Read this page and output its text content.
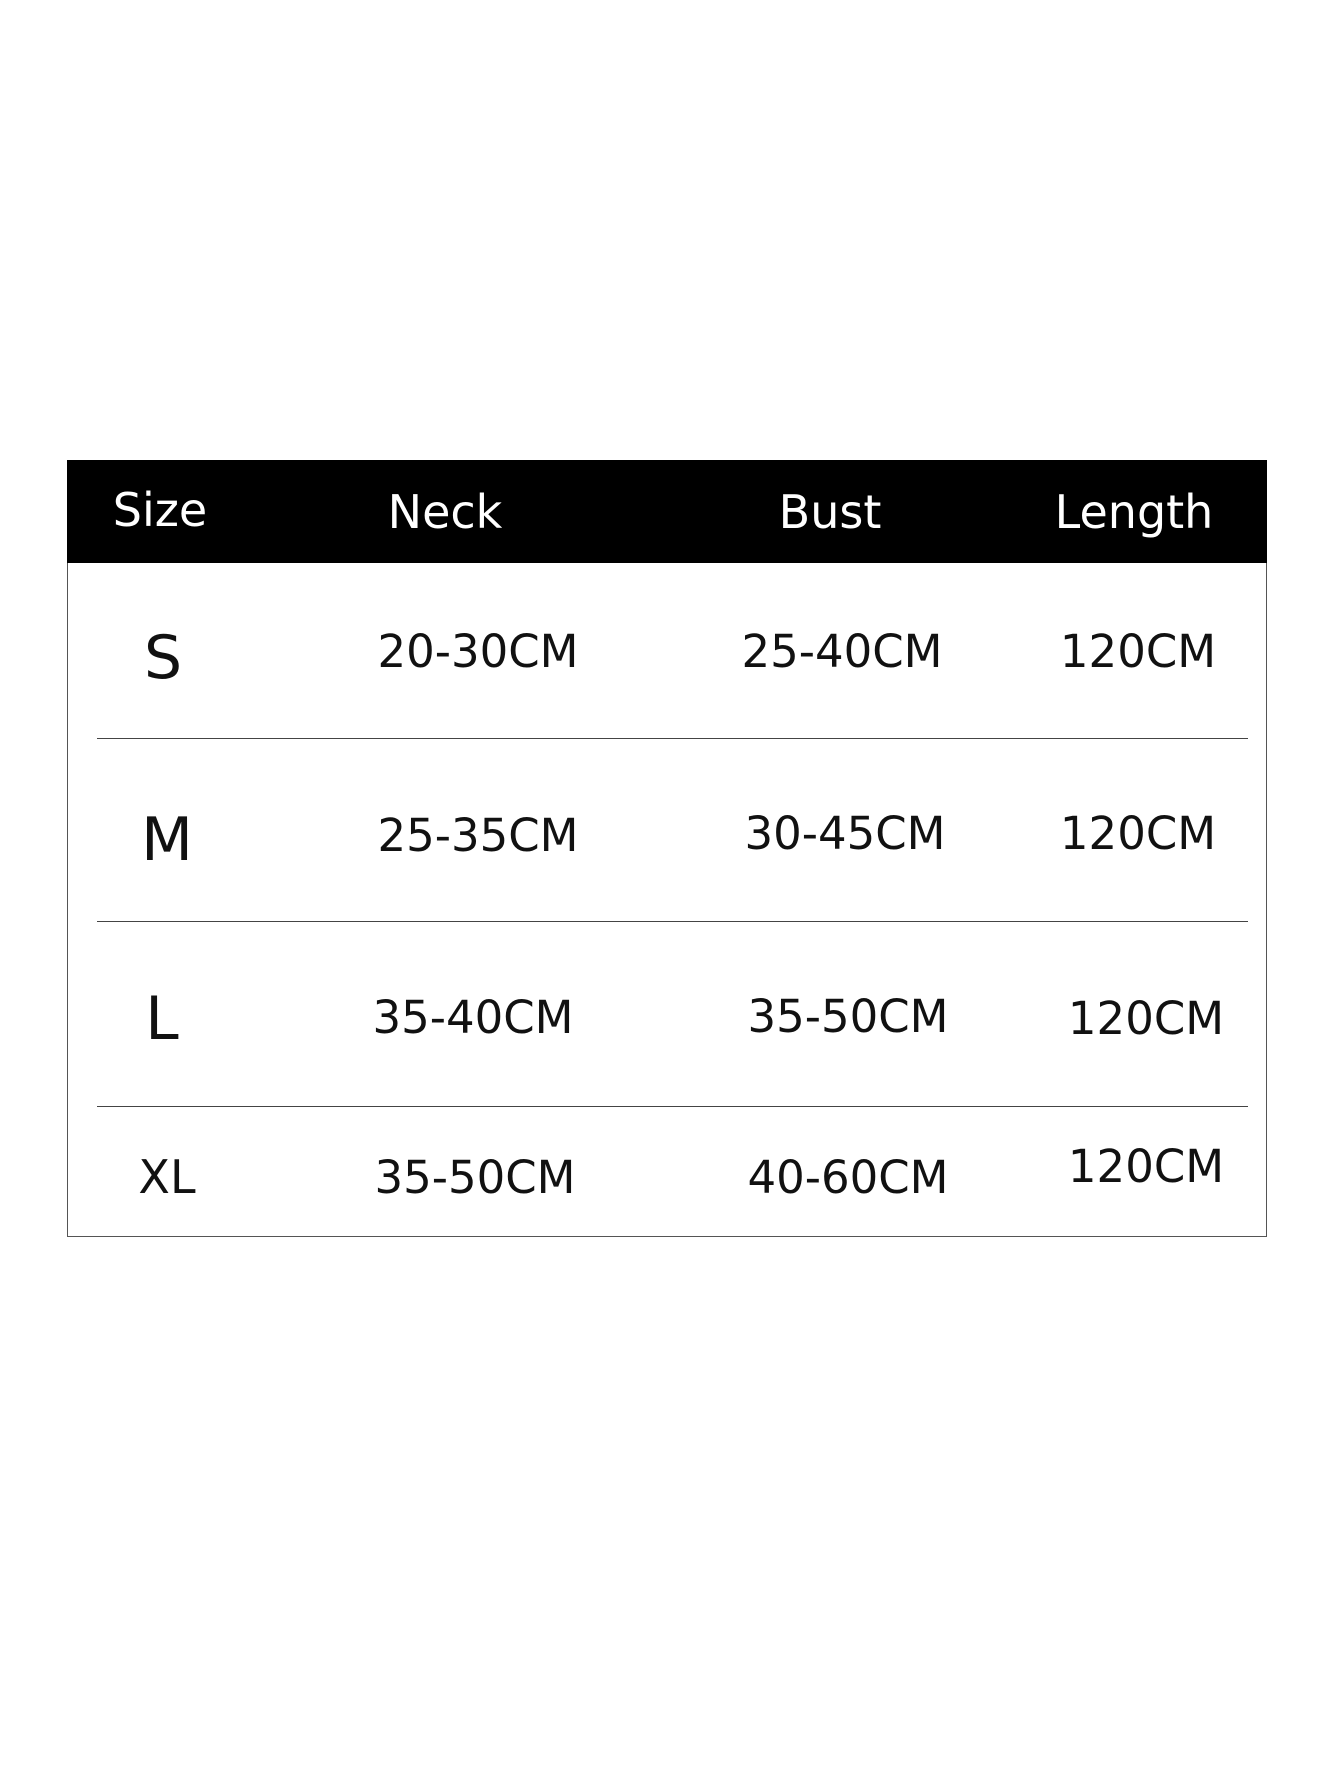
Size	Neck	Bust	Length
S	20-30CM	25-40CM	120CM
M	25-35CM	30-45CM	120CM
L	35-40CM	35-50CM	120CM
XL	35-50CM	40-60CM	120CM
